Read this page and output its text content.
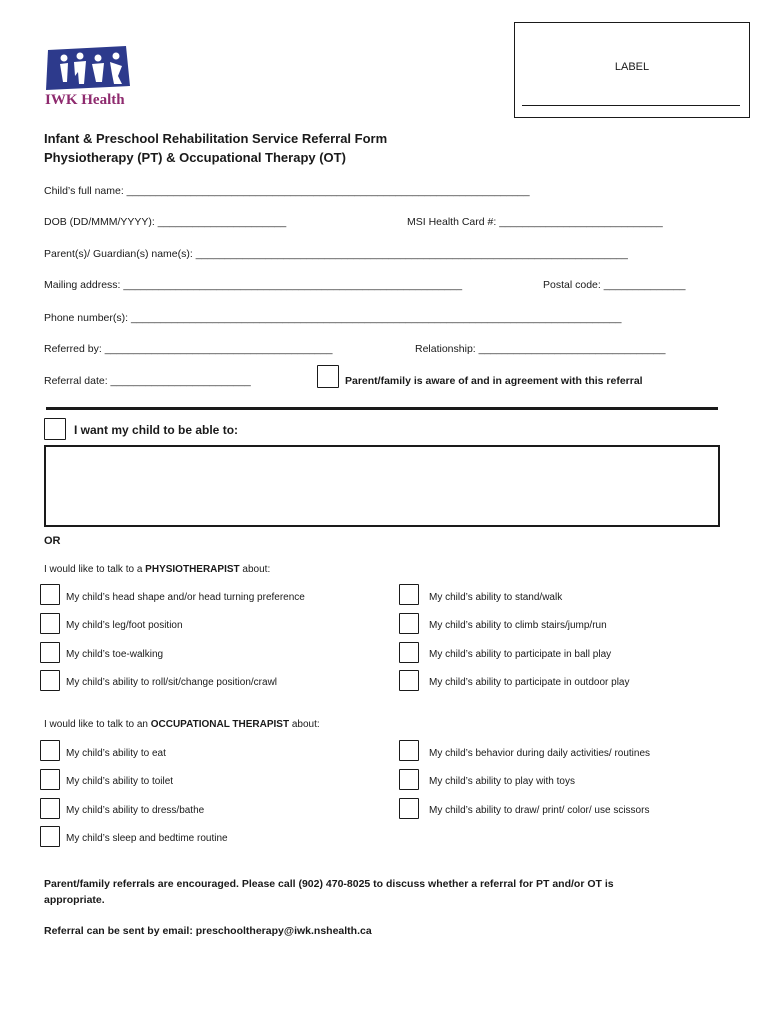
IWK Health
LABEL
Infant & Preschool Rehabilitation Service Referral Form
Physiotherapy (PT) & Occupational Therapy (OT)
Child’s full name: _____________________________________________________________________
DOB (DD/MMM/YYYY): ______________________	MSI Health Card #: ____________________________
Parent(s)/ Guardian(s) name(s): __________________________________________________________________________
Mailing address: __________________________________________________________	Postal code: ______________
Phone number(s): ____________________________________________________________________________________
Referred by: _______________________________________	Relationship: ________________________________
Referral date: ________________________	Parent/family is aware of and in agreement with this referral
I want my child to be able to:
OR
I would like to talk to a PHYSIOTHERAPIST about:
My child’s head shape and/or head turning preference
My child’s leg/foot position
My child’s toe-walking
My child’s ability to roll/sit/change position/crawl
My child’s ability to stand/walk
My child’s ability to climb stairs/jump/run
My child’s ability to participate in ball play
My child’s ability to participate in outdoor play
I would like to talk to an OCCUPATIONAL THERAPIST about:
My child’s ability to eat
My child’s ability to toilet
My child’s ability to dress/bathe
My child’s sleep and bedtime routine
My child’s behavior during daily activities/ routines
My child’s ability to play with toys
My child’s ability to draw/ print/ color/ use scissors
Parent/family referrals are encouraged. Please call (902) 470-8025 to discuss whether a referral for PT and/or OT is
appropriate.
Referral can be sent by email: preschooltherapy@iwk.nshealth.ca
